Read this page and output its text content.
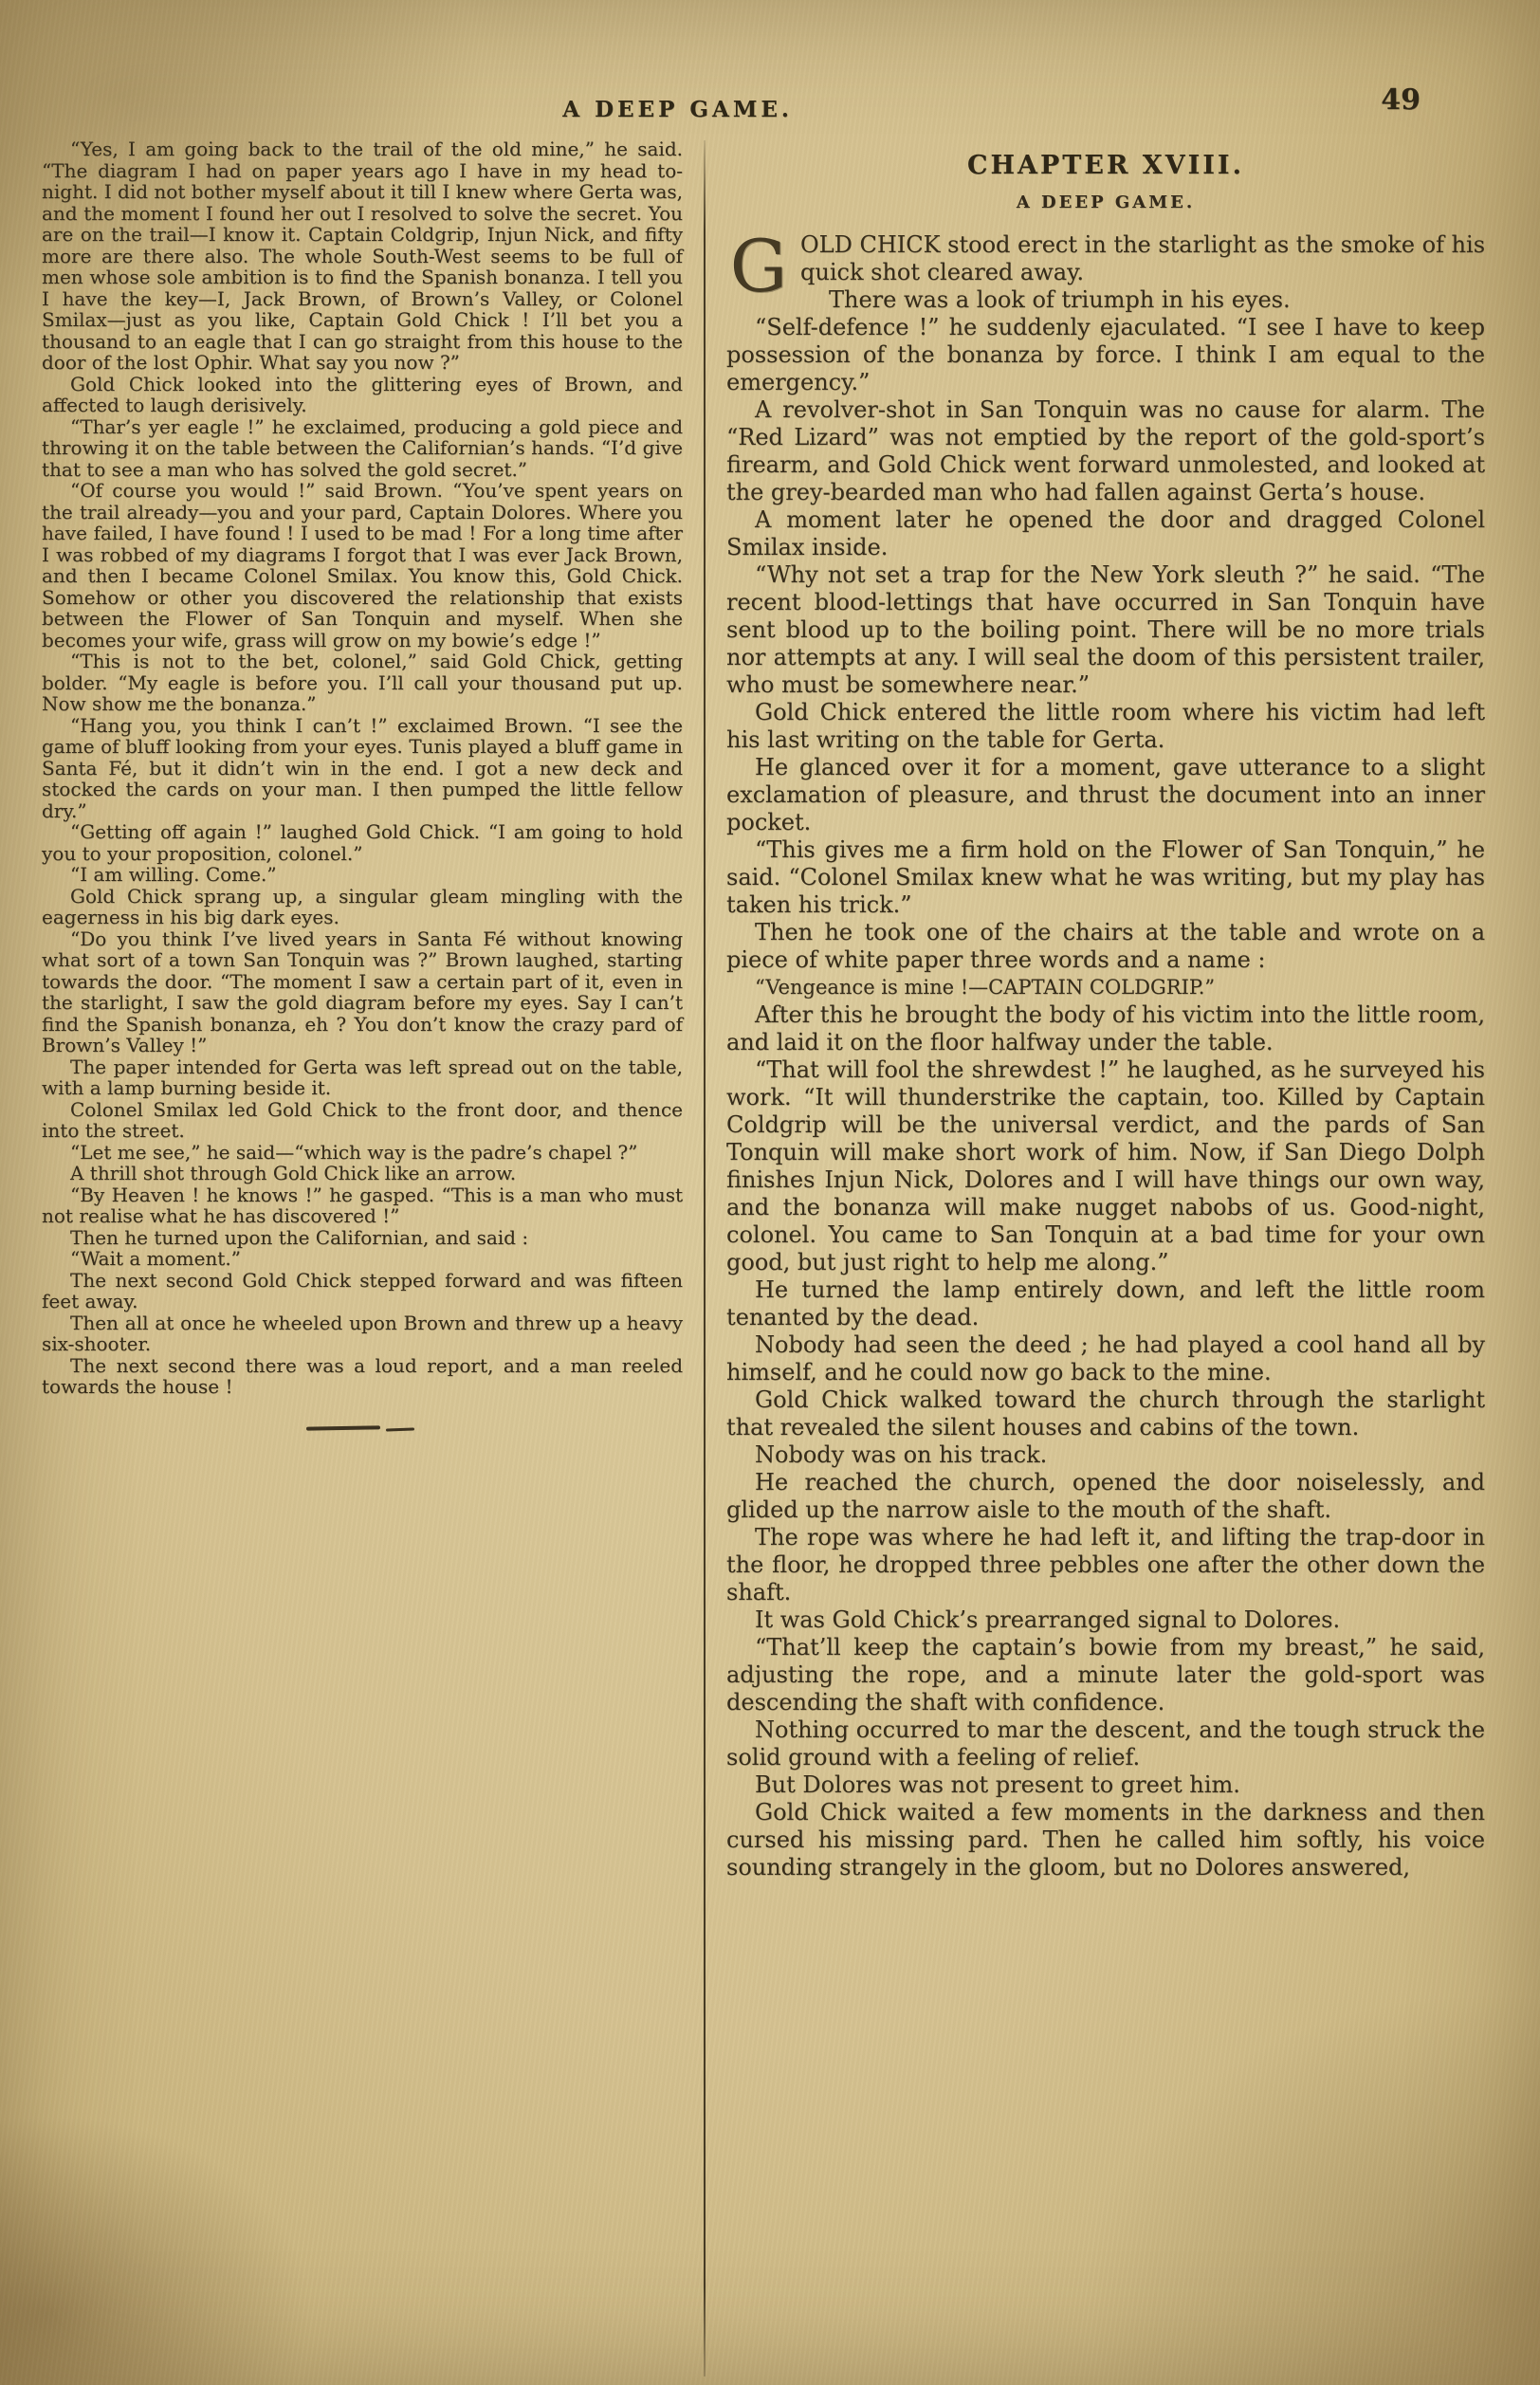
A DEEP GAME.	49

“Yes, I am going back to the trail of the old mine,” he said. “The diagram I had on paper years ago I have in my head to-night. I did not bother myself about it till I knew where Gerta was, and the moment I found her out I resolved to solve the secret. You are on the trail—I know it. Captain Coldgrip, Injun Nick, and fifty more are there also. The whole South-West seems to be full of men whose sole ambition is to find the Spanish bonanza. I tell you I have the key—I, Jack Brown, of Brown’s Valley, or Colonel Smilax—just as you like, Captain Gold Chick ! I’ll bet you a thousand to an eagle that I can go straight from this house to the door of the lost Ophir. What say you now ?”

Gold Chick looked into the glittering eyes of Brown, and affected to laugh derisively.

“Thar’s yer eagle !” he exclaimed, producing a gold piece and throwing it on the table between the Californian’s hands. “I’d give that to see a man who has solved the gold secret.”

“Of course you would !” said Brown. “You’ve spent years on the trail already—you and your pard, Captain Dolores. Where you have failed, I have found ! I used to be mad ! For a long time after I was robbed of my diagrams I forgot that I was ever Jack Brown, and then I became Colonel Smilax. You know this, Gold Chick. Somehow or other you discovered the relationship that exists between the Flower of San Tonquin and myself. When she becomes your wife, grass will grow on my bowie’s edge !”

“This is not to the bet, colonel,” said Gold Chick, getting bolder. “My eagle is before you. I’ll call your thousand put up. Now show me the bonanza.”

“Hang you, you think I can’t !” exclaimed Brown. “I see the game of bluff looking from your eyes. Tunis played a bluff game in Santa Fé, but it didn’t win in the end. I got a new deck and stocked the cards on your man. I then pumped the little fellow dry.”

“Getting off again !” laughed Gold Chick. “I am going to hold you to your proposition, colonel.”

“I am willing. Come.”

Gold Chick sprang up, a singular gleam mingling with the eagerness in his big dark eyes.

“Do you think I’ve lived years in Santa Fé without knowing what sort of a town San Tonquin was ?” Brown laughed, starting towards the door. “The moment I saw a certain part of it, even in the starlight, I saw the gold diagram before my eyes. Say I can’t find the Spanish bonanza, eh ? You don’t know the crazy pard of Brown’s Valley !”

The paper intended for Gerta was left spread out on the table, with a lamp burning beside it.

Colonel Smilax led Gold Chick to the front door, and thence into the street.

“Let me see,” he said—“which way is the padre’s chapel ?”

A thrill shot through Gold Chick like an arrow.

“By Heaven ! he knows !” he gasped. “This is a man who must not realise what he has discovered !”

Then he turned upon the Californian, and said :

“Wait a moment.”

The next second Gold Chick stepped forward and was fifteen feet away.

Then all at once he wheeled upon Brown and threw up a heavy six-shooter.

The next second there was a loud report, and a man reeled towards the house !

CHAPTER XVIII.

A DEEP GAME.

GOLD CHICK stood erect in the starlight as the smoke of his quick shot cleared away.

There was a look of triumph in his eyes.

“Self-defence !” he suddenly ejaculated. “I see I have to keep possession of the bonanza by force. I think I am equal to the emergency.”

A revolver-shot in San Tonquin was no cause for alarm. The “Red Lizard” was not emptied by the report of the gold-sport’s firearm, and Gold Chick went forward unmolested, and looked at the grey-bearded man who had fallen against Gerta’s house.

A moment later he opened the door and dragged Colonel Smilax inside.

“Why not set a trap for the New York sleuth ?” he said. “The recent blood-lettings that have occurred in San Tonquin have sent blood up to the boiling point. There will be no more trials nor attempts at any. I will seal the doom of this persistent trailer, who must be somewhere near.”

Gold Chick entered the little room where his victim had left his last writing on the table for Gerta.

He glanced over it for a moment, gave utterance to a slight exclamation of pleasure, and thrust the document into an inner pocket.

“This gives me a firm hold on the Flower of San Tonquin,” he said. “Colonel Smilax knew what he was writing, but my play has taken his trick.”

Then he took one of the chairs at the table and wrote on a piece of white paper three words and a name :

“Vengeance is mine !—CAPTAIN COLDGRIP.”

After this he brought the body of his victim into the little room, and laid it on the floor halfway under the table.

“That will fool the shrewdest !” he laughed, as he surveyed his work. “It will thunderstrike the captain, too. Killed by Captain Coldgrip will be the universal verdict, and the pards of San Tonquin will make short work of him. Now, if San Diego Dolph finishes Injun Nick, Dolores and I will have things our own way, and the bonanza will make nugget nabobs of us. Good-night, colonel. You came to San Tonquin at a bad time for your own good, but just right to help me along.”

He turned the lamp entirely down, and left the little room tenanted by the dead.

Nobody had seen the deed ; he had played a cool hand all by himself, and he could now go back to the mine.

Gold Chick walked toward the church through the starlight that revealed the silent houses and cabins of the town.

Nobody was on his track.

He reached the church, opened the door noiselessly, and glided up the narrow aisle to the mouth of the shaft.

The rope was where he had left it, and lifting the trap-door in the floor, he dropped three pebbles one after the other down the shaft.

It was Gold Chick’s prearranged signal to Dolores.

“That’ll keep the captain’s bowie from my breast,” he said, adjusting the rope, and a minute later the gold-sport was descending the shaft with confidence.

Nothing occurred to mar the descent, and the tough struck the solid ground with a feeling of relief.

But Dolores was not present to greet him.

Gold Chick waited a few moments in the darkness and then cursed his missing pard. Then he called him softly, his voice sounding strangely in the gloom, but no Dolores answered,
